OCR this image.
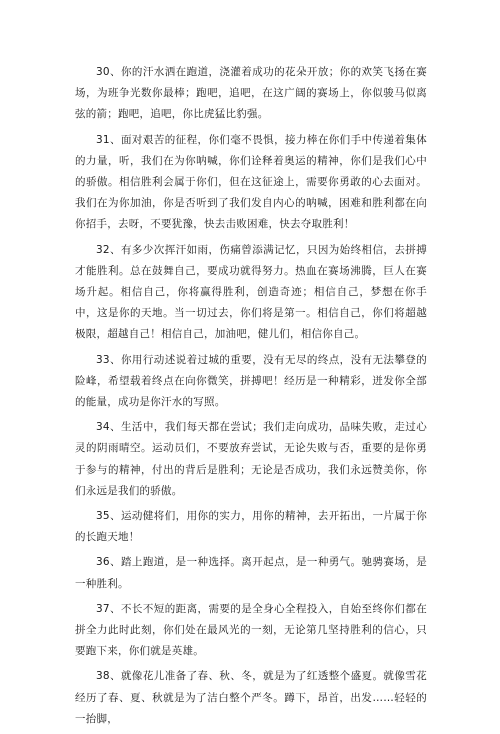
30、你的汗水洒在跑道，浇灌着成功的花朵开放；你的欢笑飞扬在赛场，为班争光数你最棒；跑吧，追吧，在这广阔的赛场上，你似骏马似离弦的箭；跑吧，追吧，你比虎猛比豹强。

31、面对艰苦的征程，你们毫不畏惧，接力棒在你们手中传递着集体的力量，听，我们在为你呐喊，你们诠释着奥运的精神，你们是我们心中的骄傲。相信胜利会属于你们，但在这征途上，需要你勇敢的心去面对。我们在为你加油，你是否听到了我们发自内心的呐喊，困难和胜利都在向你招手，去呀，不要犹豫，快去击败困难，快去夺取胜利！

32、有多少次挥汗如雨，伤痛曾添满记忆，只因为始终相信，去拼搏才能胜利。总在鼓舞自己，要成功就得努力。热血在赛场沸腾，巨人在赛场升起。相信自己，你将赢得胜利，创造奇迹；相信自己，梦想在你手中，这是你的天地。当一切过去，你们将是第一。相信自己，你们将超越极限，超越自己！相信自己，加油吧，健儿们，相信你自己。

33、你用行动述说着过城的重要，没有无尽的终点，没有无法攀登的险峰，希望载着终点在向你微笑，拼搏吧！经历是一种精彩，迸发你全部的能量，成功是你汗水的写照。

34、生活中，我们每天都在尝试；我们走向成功，品味失败，走过心灵的阴雨晴空。运动员们，不要放弃尝试，无论失败与否，重要的是你勇于参与的精神，付出的背后是胜利；无论是否成功，我们永远赞美你，你们永远是我们的骄傲。

35、运动健将们，用你的实力，用你的精神，去开拓出，一片属于你的长跑天地！

36、踏上跑道，是一种选择。离开起点，是一种勇气。驰骋赛场，是一种胜利。

37、不长不短的距离，需要的是全身心全程投入，自始至终你们都在拼全力此时此刻，你们处在最风光的一刻，无论第几坚持胜利的信心，只要跑下来，你们就是英雄。

38、就像花儿准备了春、秋、冬，就是为了红透整个盛夏。就像雪花经历了春、夏、秋就是为了洁白整个严冬。蹲下，昂首，出发……轻轻的一抬脚，
